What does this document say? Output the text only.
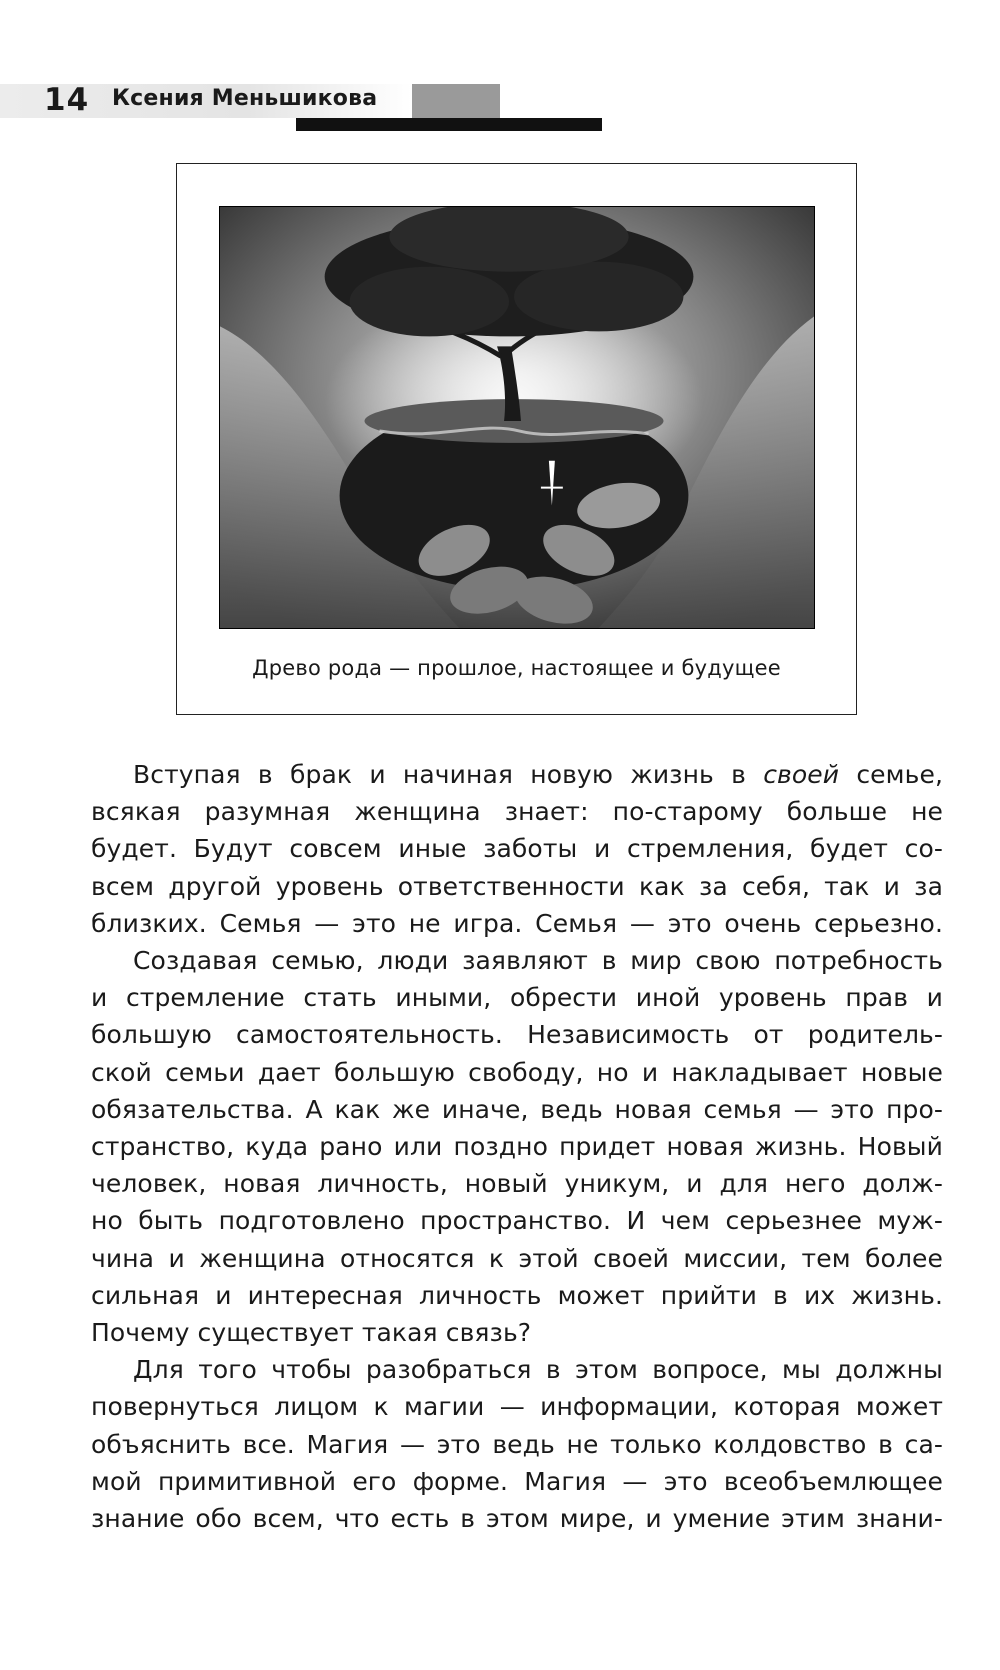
14 Ксения Меньшикова
Древо рода — прошлое, настоящее и будущее
Вступая в брак и начиная новую жизнь в своей семье,
всякая разумная женщина знает: по-старому больше не
будет. Будут совсем иные заботы и стремления, будет со-
всем другой уровень ответственности как за себя, так и за
близких. Семья — это не игра. Семья — это очень серьезно.
Создавая семью, люди заявляют в мир свою потребность
и стремление стать иными, обрести иной уровень прав и
большую самостоятельность. Независимость от родитель-
ской семьи дает большую свободу, но и накладывает новые
обязательства. А как же иначе, ведь новая семья — это про-
странство, куда рано или поздно придет новая жизнь. Новый
человек, новая личность, новый уникум, и для него долж-
но быть подготовлено пространство. И чем серьезнее муж-
чина и женщина относятся к этой своей миссии, тем более
сильная и интересная личность может прийти в их жизнь.
Почему существует такая связь?
Для того чтобы разобраться в этом вопросе, мы должны
повернуться лицом к магии — информации, которая может
объяснить все. Магия — это ведь не только колдовство в са-
мой примитивной его форме. Магия — это всеобъемлющее
знание обо всем, что есть в этом мире, и умение этим знани-
